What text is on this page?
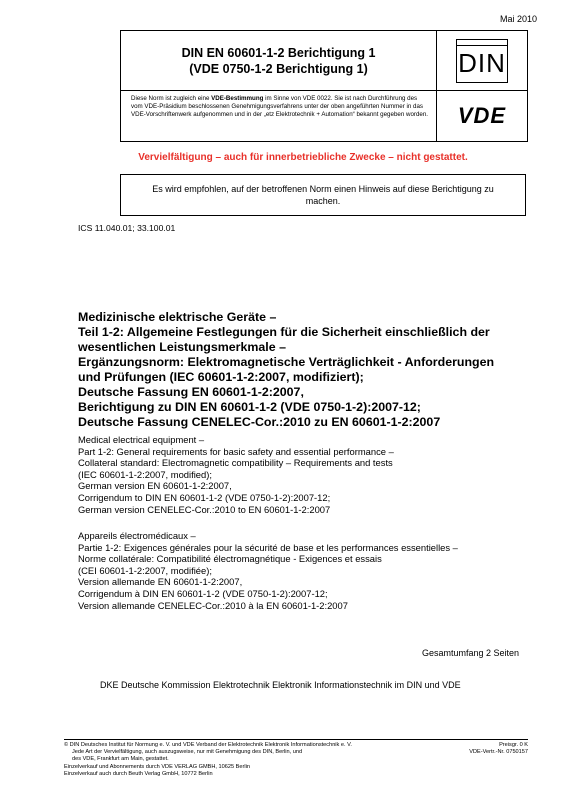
Mai 2010
DIN EN 60601-1-2 Berichtigung 1
(VDE 0750-1-2 Berichtigung 1)	DIN
Diese Norm ist zugleich eine VDE-Bestimmung im Sinne von VDE 0022. Sie ist nach Durchführung des vom VDE-Präsidium beschlossenen Genehmigungsverfahrens unter der oben angeführten Nummer in das VDE-Vorschriftenwerk aufgenommen und in der „etz Elektrotechnik + Automation“ bekannt gegeben worden.	VDE
Vervielfältigung – auch für innerbetriebliche Zwecke – nicht gestattet.
Es wird empfohlen, auf der betroffenen Norm einen Hinweis auf diese Berichtigung zu machen.
ICS 11.040.01; 33.100.01
Medizinische elektrische Geräte –
Teil 1-2: Allgemeine Festlegungen für die Sicherheit einschließlich der
wesentlichen Leistungsmerkmale –
Ergänzungsnorm: Elektromagnetische Verträglichkeit - Anforderungen
und Prüfungen (IEC 60601-1-2:2007, modifiziert);
Deutsche Fassung EN 60601-1-2:2007,
Berichtigung zu DIN EN 60601-1-2 (VDE 0750-1-2):2007-12;
Deutsche Fassung CENELEC-Cor.:2010 zu EN 60601-1-2:2007
Medical electrical equipment –
Part 1-2: General requirements for basic safety and essential performance –
Collateral standard: Electromagnetic compatibility – Requirements and tests
(IEC 60601-1-2:2007, modified);
German version EN 60601-1-2:2007,
Corrigendum to DIN EN 60601-1-2 (VDE 0750-1-2):2007-12;
German version CENELEC-Cor.:2010 to EN 60601-1-2:2007
Appareils électromédicaux –
Partie 1-2: Exigences générales pour la sécurité de base et les performances essentielles –
Norme collatérale: Compatibilité électromagnétique - Exigences et essais
(CEI 60601-1-2:2007, modifiée);
Version allemande EN 60601-1-2:2007,
Corrigendum à DIN EN 60601-1-2 (VDE 0750-1-2):2007-12;
Version allemande CENELEC-Cor.:2010 à la EN 60601-1-2:2007
Gesamtumfang 2 Seiten
DKE Deutsche Kommission Elektrotechnik Elektronik Informationstechnik im DIN und VDE
© DIN Deutsches Institut für Normung e. V. und VDE Verband der Elektrotechnik Elektronik Informationstechnik e. V.
Jede Art der Vervielfältigung, auch auszugsweise, nur mit Genehmigung des DIN, Berlin, und
des VDE, Frankfurt am Main, gestattet.
Einzelverkauf und Abonnements durch VDE VERLAG GMBH, 10625 Berlin
Einzelverkauf auch durch Beuth Verlag GmbH, 10772 Berlin
Preisgr. 0 K
VDE-Vertr.-Nr. 0750157
